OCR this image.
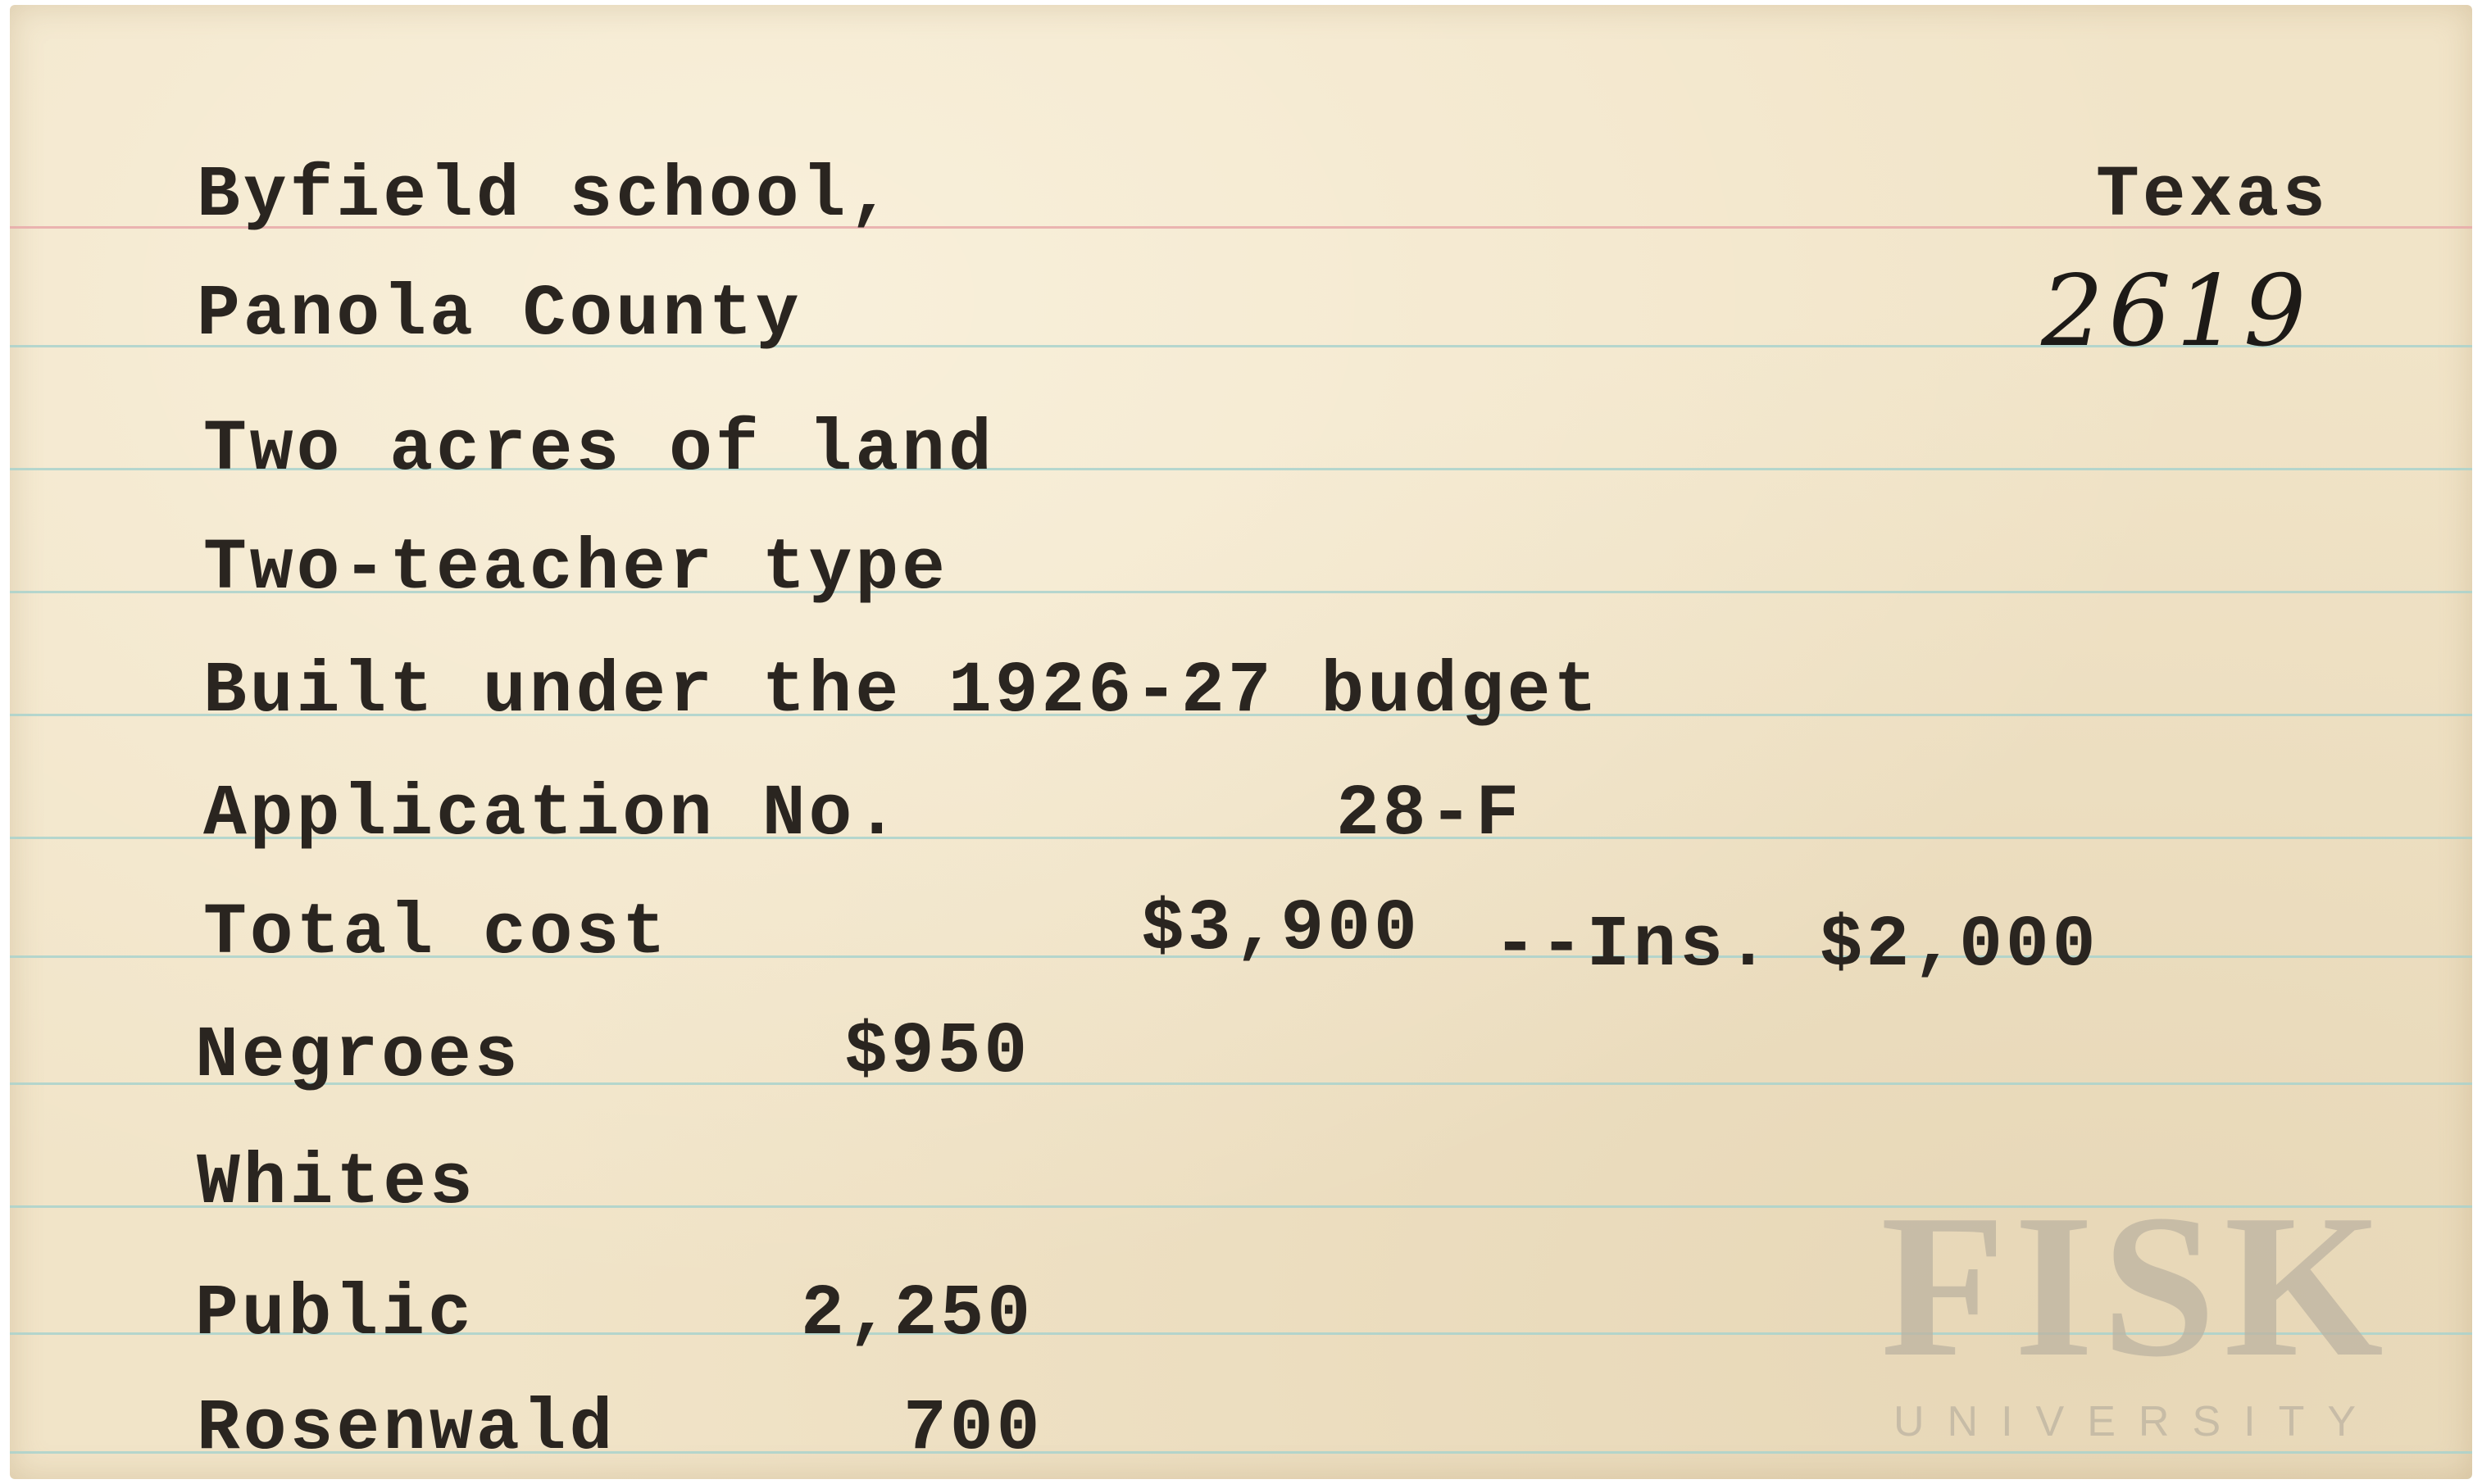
Byfield school,	Texas
Panola County	2619
Two acres of land
Two-teacher type
Built under the 1926-27 budget
Application No.	28-F
Total cost	$3,900 --Ins. $2,000
Negroes	$950
Whites
Public	2,250
Rosenwald	700
FISK
UNIVERSITY
